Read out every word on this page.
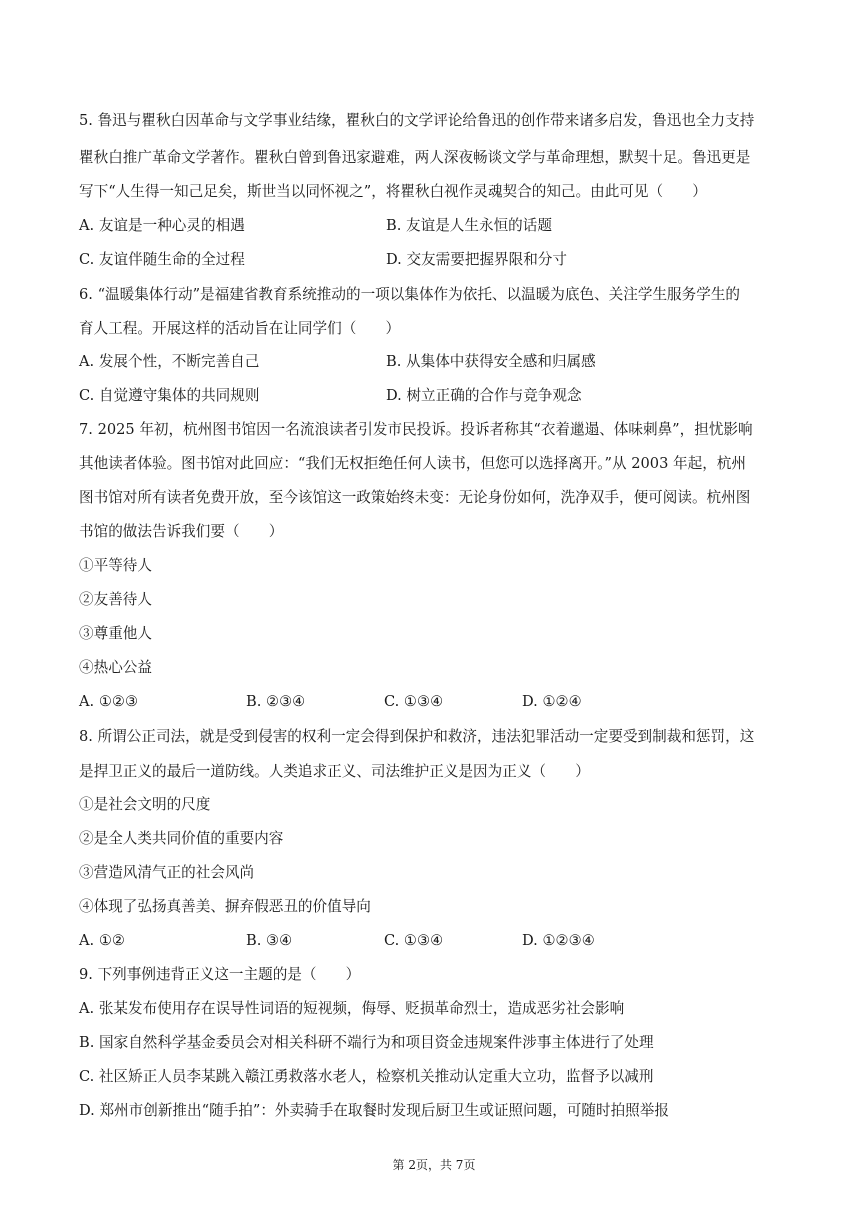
5. 鲁迅与瞿秋白因革命与文学事业结缘，瞿秋白的文学评论给鲁迅的创作带来诸多启发，鲁迅也全力支持
瞿秋白推广革命文学著作。瞿秋白曾到鲁迅家避难，两人深夜畅谈文学与革命理想，默契十足。鲁迅更是
写下“人生得一知己足矣，斯世当以同怀视之”，将瞿秋白视作灵魂契合的知己。由此可见（　　）
A. 友谊是一种心灵的相遇	B. 友谊是人生永恒的话题
C. 友谊伴随生命的全过程	D. 交友需要把握界限和分寸
6. “温暖集体行动”是福建省教育系统推动的一项以集体作为依托、以温暖为底色、关注学生服务学生的
育人工程。开展这样的活动旨在让同学们（　　）
A. 发展个性，不断完善自己	B. 从集体中获得安全感和归属感
C. 自觉遵守集体的共同规则	D. 树立正确的合作与竞争观念
7. 2025 年初，杭州图书馆因一名流浪读者引发市民投诉。投诉者称其“衣着邋遢、体味刺鼻”，担忧影响
其他读者体验。图书馆对此回应：“我们无权拒绝任何人读书，但您可以选择离开。”从 2003 年起，杭州
图书馆对所有读者免费开放，至今该馆这一政策始终未变：无论身份如何，洗净双手，便可阅读。杭州图
书馆的做法告诉我们要（　　）
①平等待人
②友善待人
③尊重他人
④热心公益
A. ①②③	B. ②③④	C. ①③④	D. ①②④
8. 所谓公正司法，就是受到侵害的权利一定会得到保护和救济，违法犯罪活动一定要受到制裁和惩罚，这
是捍卫正义的最后一道防线。人类追求正义、司法维护正义是因为正义（　　）
①是社会文明的尺度
②是全人类共同价值的重要内容
③营造风清气正的社会风尚
④体现了弘扬真善美、摒弃假恶丑的价值导向
A. ①②	B. ③④	C. ①③④	D. ①②③④
9. 下列事例违背正义这一主题的是（　　）
A. 张某发布使用存在误导性词语的短视频，侮辱、贬损革命烈士，造成恶劣社会影响
B. 国家自然科学基金委员会对相关科研不端行为和项目资金违规案件涉事主体进行了处理
C. 社区矫正人员李某跳入赣江勇救落水老人，检察机关推动认定重大立功，监督予以减刑
D. 郑州市创新推出“随手拍”：外卖骑手在取餐时发现后厨卫生或证照问题，可随时拍照举报
第 2页，共 7页
